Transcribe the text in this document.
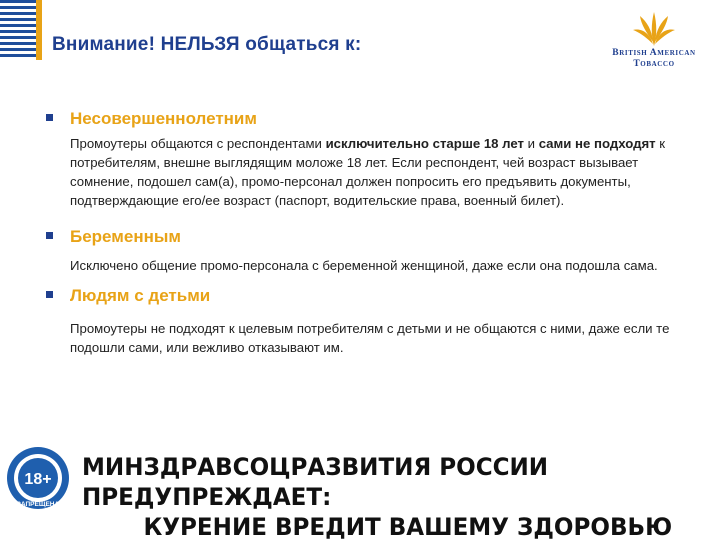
Внимание! НЕЛЬЗЯ общаться к:	British American
Tobacco
Несовершеннолетним
Промоутеры общаются с респондентами исключительно старше 18 лет и сами не подходят к потребителям, внешне выглядящим моложе 18 лет. Если респондент, чей возраст вызывает сомнение, подошел сам(а), промо-персонал должен попросить его предъявить документы, подтверждающие его/ее возраст (паспорт, водительские права, военный билет).
Беременным
Исключено общение промо-персонала с беременной женщиной, даже если она подошла сама.
Людям с детьми
Промоутеры не подходят к целевым потребителям с детьми и не общаются с ними, даже если те подошли сами, или вежливо отказывают им.
18+
ЗАПРЕЩЕНА
МИНЗДРАВСОЦРАЗВИТИЯ РОССИИ ПРЕДУПРЕЖДАЕТ:
КУРЕНИЕ ВРЕДИТ ВАШЕМУ ЗДОРОВЬЮ
